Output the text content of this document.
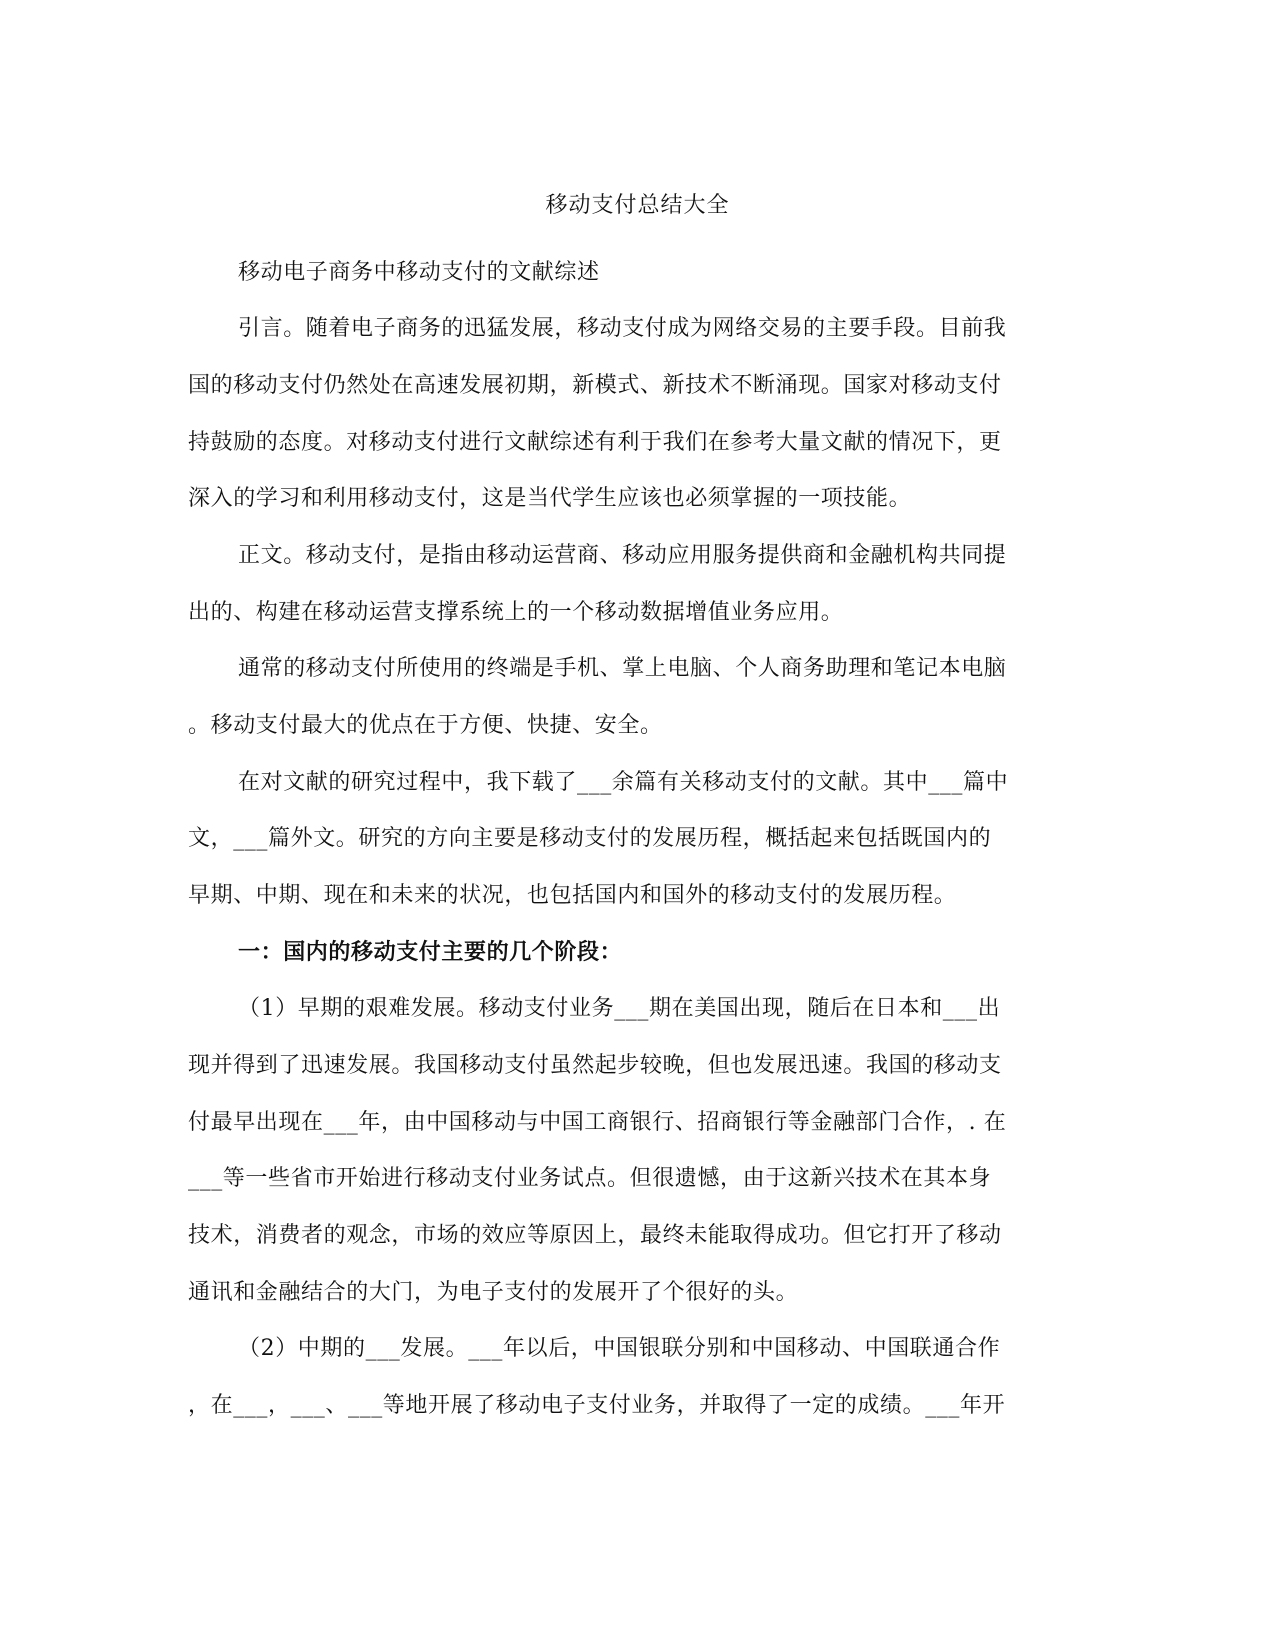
移动支付总结大全
移动电子商务中移动支付的文献综述
引言。随着电子商务的迅猛发展，移动支付成为网络交易的主要手段。目前我
国的移动支付仍然处在高速发展初期，新模式、新技术不断涌现。国家对移动支付
持鼓励的态度。对移动支付进行文献综述有利于我们在参考大量文献的情况下，更
深入的学习和利用移动支付，这是当代学生应该也必须掌握的一项技能。
正文。移动支付，是指由移动运营商、移动应用服务提供商和金融机构共同提
出的、构建在移动运营支撑系统上的一个移动数据增值业务应用。
通常的移动支付所使用的终端是手机、掌上电脑、个人商务助理和笔记本电脑
。移动支付最大的优点在于方便、快捷、安全。
在对文献的研究过程中，我下载了___余篇有关移动支付的文献。其中___篇中
文，___篇外文。研究的方向主要是移动支付的发展历程，概括起来包括既国内的
早期、中期、现在和未来的状况，也包括国内和国外的移动支付的发展历程。
一：国内的移动支付主要的几个阶段：
（1）早期的艰难发展。移动支付业务___期在美国出现，随后在日本和___出
现并得到了迅速发展。我国移动支付虽然起步较晚，但也发展迅速。我国的移动支
付最早出现在___年，由中国移动与中国工商银行、招商银行等金融部门合作，. 在
___等一些省市开始进行移动支付业务试点。但很遗憾，由于这新兴技术在其本身
技术，消费者的观念，市场的效应等原因上，最终未能取得成功。但它打开了移动
通讯和金融结合的大门，为电子支付的发展开了个很好的头。
（2）中期的___发展。___年以后，中国银联分别和中国移动、中国联通合作
，在___，___、___等地开展了移动电子支付业务，并取得了一定的成绩。___年开
